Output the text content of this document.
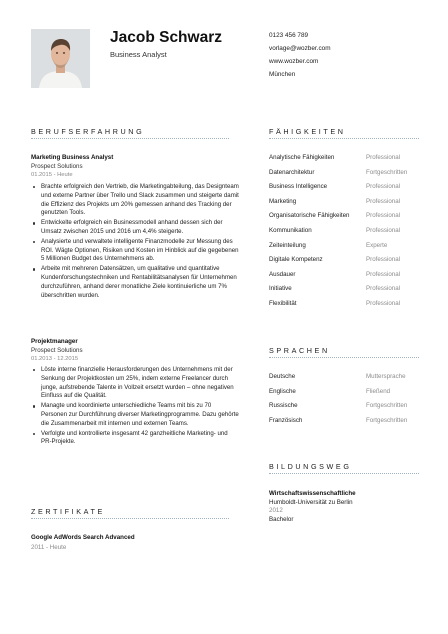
Jacob Schwarz
Business Analyst
0123 456 789
vorlage@wozber.com
www.wozber.com
München
BERUFSERFAHRUNG
Marketing Business Analyst
Prospect Solutions
01.2015 - Heute
Brachte erfolgreich den Vertrieb, die Marketingabteilung, das Designteam und externe Partner über Trello und Slack zusammen und steigerte damit die Effizienz des Projekts um 20% gemessen anhand des Tracking der genutzten Tools.
Entwickelte erfolgreich ein Businessmodell anhand dessen sich der Umsatz zwischen 2015 und 2016 um 4,4% steigerte.
Analysierte und verwaltete intelligente Finanzmodelle zur Messung des ROI. Wägte Optionen, Risiken und Kosten im Hinblick auf die gegebenen 5 Millionen Budget des Unternehmens ab.
Arbeite mit mehreren Datensätzen, um qualitative und quantitative Kundenforschungstechniken und Rentabilitätsanalysen für Unternehmen durchzuführen, anhand derer monatliche Ziele kontinuierliche um 7% überschritten wurden.
Projektmanager
Prospect Solutions
01.2013 - 12.2015
Löste interne finanzielle Herausforderungen des Unternehmens mit der Senkung der Projektkosten um 25%, indem externe Freelancer durch junge, aufstrebende Talente in Vollzeit ersetzt wurden – ohne negativen Einfluss auf die Qualität.
Managte und koordinierte unterschiedliche Teams mit bis zu 70 Personen zur Durchführung diverser Marketingprogramme. Dazu gehörte die Zusammenarbeit mit internen und externen Teams.
Verfolgte und kontrollierte insgesamt 42 ganzheitliche Marketing- und PR-Projekte.
ZERTIFIKATE
Google AdWords Search Advanced
2011 - Heute
FÄHIGKEITEN
Analytische Fähigkeiten	Professional
Datenarchitektur	Fortgeschritten
Business Intelligence	Professional
Marketing	Professional
Organisatorische Fähigkeiten	Professional
Kommunikation	Professional
Zeiteinteilung	Experte
Digitale Kompetenz	Professional
Ausdauer	Professional
Initiative	Professional
Flexibilität	Professional
SPRACHEN
Deutsche	Muttersprache
Englische	Fließend
Russische	Fortgeschritten
Französisch	Fortgeschritten
BILDUNGSWEG
Wirtschaftswissenschaftliche
Humboldt-Universität zu Berlin
2012
Bachelor
